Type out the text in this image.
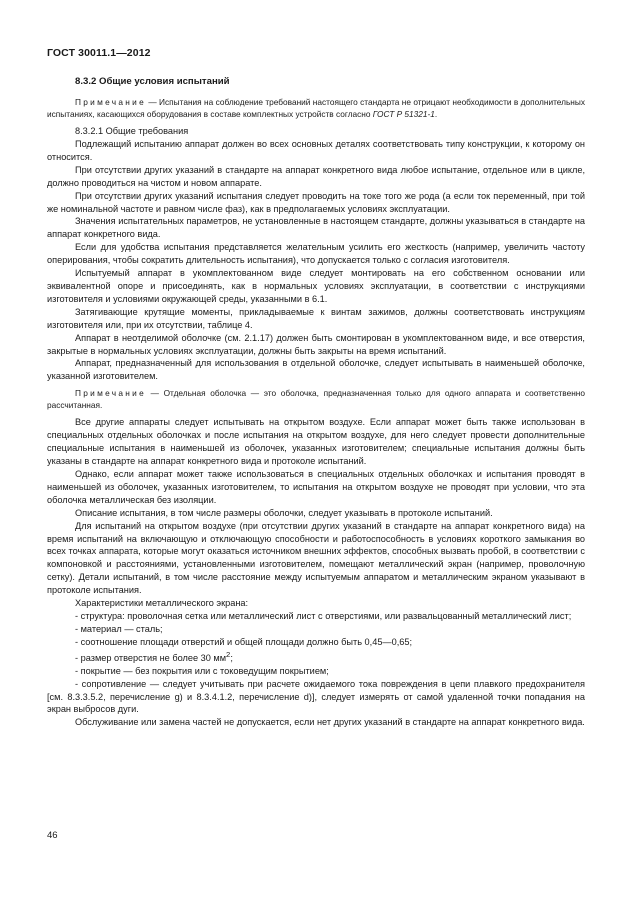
ГОСТ 30011.1—2012
8.3.2 Общие условия испытаний

Примечание — Испытания на соблюдение требований настоящего стандарта не отрицают необходимости в дополнительных испытаниях, касающихся оборудования в составе комплектных устройств согласно ГОСТ Р 51321-1.

8.3.2.1 Общие требования

Подлежащий испытанию аппарат должен во всех основных деталях соответствовать типу конструкции, к которому он относится.

При отсутствии других указаний в стандарте на аппарат конкретного вида любое испытание, отдельное или в цикле, должно проводиться на чистом и новом аппарате.

При отсутствии других указаний испытания следует проводить на токе того же рода (а если ток переменный, при той же номинальной частоте и равном числе фаз), как в предполагаемых условиях эксплуатации.

Значения испытательных параметров, не установленные в настоящем стандарте, должны указываться в стандарте на аппарат конкретного вида.

Если для удобства испытания представляется желательным усилить его жесткость (например, увеличить частоту оперирования, чтобы сократить длительность испытания), что допускается только с согласия изготовителя.

Испытуемый аппарат в укомплектованном виде следует монтировать на его собственном основании или эквивалентной опоре и присоединять, как в нормальных условиях эксплуатации, в соответствии с инструкциями изготовителя и условиями окружающей среды, указанными в 6.1.

Затягивающие крутящие моменты, прикладываемые к винтам зажимов, должны соответствовать инструкциям изготовителя или, при их отсутствии, таблице 4.

Аппарат в неотделимой оболочке (см. 2.1.17) должен быть смонтирован в укомплектованном виде, и все отверстия, закрытые в нормальных условиях эксплуатации, должны быть закрыты на время испытаний.

Аппарат, предназначенный для использования в отдельной оболочке, следует испытывать в наименьшей оболочке, указанной изготовителем.

Примечание — Отдельная оболочка — это оболочка, предназначенная только для одного аппарата и соответственно рассчитанная.

Все другие аппараты следует испытывать на открытом воздухе. Если аппарат может быть также использован в специальных отдельных оболочках и после испытания на открытом воздухе, для него следует провести дополнительные специальные испытания в наименьшей из оболочек, указанных изготовителем; специальные испытания должны быть указаны в стандарте на аппарат конкретного вида и протоколе испытаний.

Однако, если аппарат может также использоваться в специальных отдельных оболочках и испытания проводят в наименьшей из оболочек, указанных изготовителем, то испытания на открытом воздухе не проводят при условии, что эта оболочка металлическая без изоляции.

Описание испытания, в том числе размеры оболочки, следует указывать в протоколе испытаний.

Для испытаний на открытом воздухе (при отсутствии других указаний в стандарте на аппарат конкретного вида) на время испытаний на включающую и отключающую способности и работоспособность в условиях короткого замыкания во всех точках аппарата, которые могут оказаться источником внешних эффектов, способных вызвать пробой, в соответствии с компоновкой и расстояниями, установленными изготовителем, помещают металлический экран (например, проволочную сетку). Детали испытаний, в том числе расстояние между испытуемым аппаратом и металлическим экраном указывают в протоколе испытания.

Характеристики металлического экрана:

- структура: проволочная сетка или металлический лист с отверстиями, или развальцованный металлический лист;

- материал — сталь;

- соотношение площади отверстий и общей площади должно быть 0,45—0,65;

- размер отверстия не более 30 $мм^2$;

- покрытие — без покрытия или с токоведущим покрытием;

- сопротивление — следует учитывать при расчете ожидаемого тока повреждения в цепи плавкого предохранителя [см. 8.3.3.5.2, перечисление g) и 8.3.4.1.2, перечисление d)], следует измерять от самой удаленной точки попадания на экран выбросов дуги.

Обслуживание или замена частей не допускается, если нет других указаний в стандарте на аппарат конкретного вида.

46
